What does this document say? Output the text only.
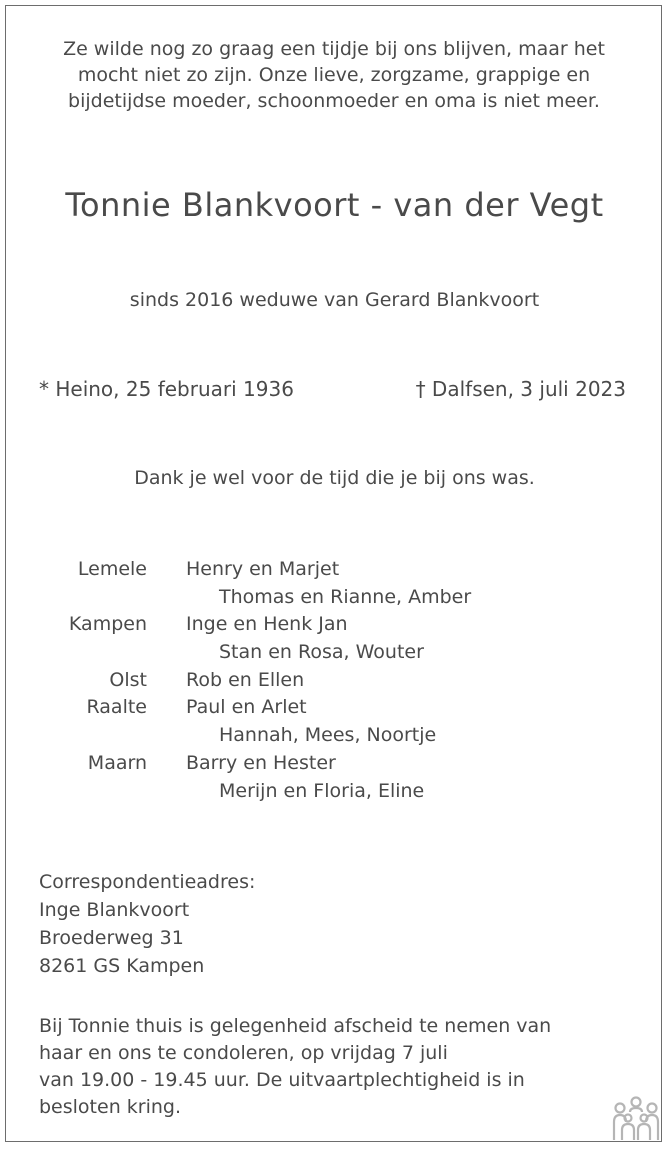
Ze wilde nog zo graag een tijdje bij ons blijven, maar het
mocht niet zo zijn. Onze lieve, zorgzame, grappige en
bijdetijdse moeder, schoonmoeder en oma is niet meer.
Tonnie Blankvoort - van der Vegt
sinds 2016 weduwe van Gerard Blankvoort
* Heino, 25 februari 1936	† Dalfsen, 3 juli 2023
Dank je wel voor de tijd die je bij ons was.
Lemele Henry en Marjet
Thomas en Rianne, Amber
Kampen Inge en Henk Jan
Stan en Rosa, Wouter
Olst Rob en Ellen
Raalte Paul en Arlet
Hannah, Mees, Noortje
Maarn Barry en Hester
Merijn en Floria, Eline
Correspondentieadres:
Inge Blankvoort
Broederweg 31
8261 GS Kampen
Bij Tonnie thuis is gelegenheid afscheid te nemen van
haar en ons te condoleren, op vrijdag 7 juli
van 19.00 - 19.45 uur. De uitvaartplechtigheid is in
besloten kring.
